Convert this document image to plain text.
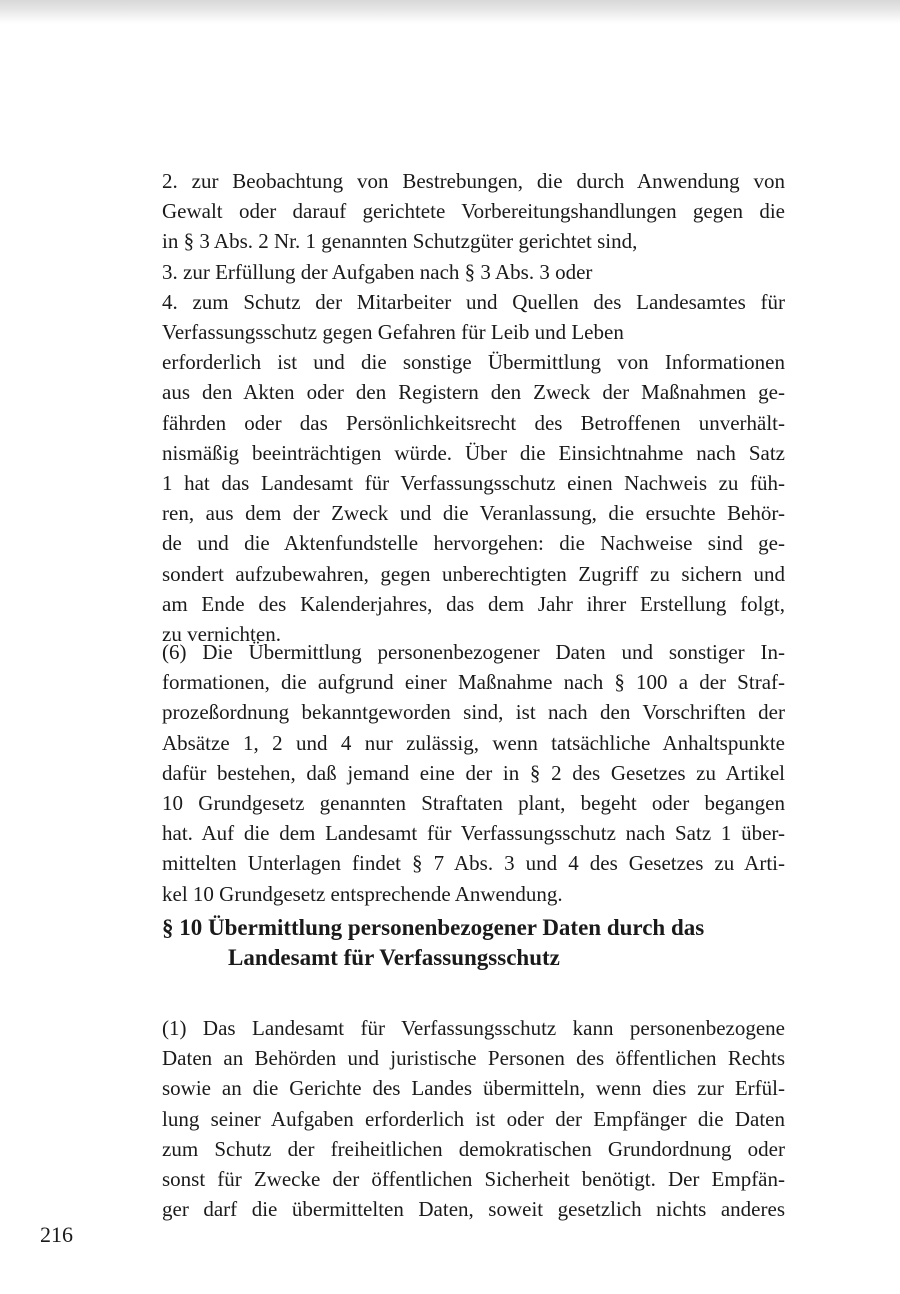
2. zur Beobachtung von Bestrebungen, die durch Anwendung von
Gewalt oder darauf gerichtete Vorbereitungshandlungen gegen die
in § 3 Abs. 2 Nr. 1 genannten Schutzgüter gerichtet sind,
3. zur Erfüllung der Aufgaben nach § 3 Abs. 3 oder
4. zum Schutz der Mitarbeiter und Quellen des Landesamtes für
Verfassungsschutz gegen Gefahren für Leib und Leben
erforderlich ist und die sonstige Übermittlung von Informationen
aus den Akten oder den Registern den Zweck der Maßnahmen ge-
fährden oder das Persönlichkeitsrecht des Betroffenen unverhält-
nismäßig beeinträchtigen würde. Über die Einsichtnahme nach Satz
1 hat das Landesamt für Verfassungsschutz einen Nachweis zu füh-
ren, aus dem der Zweck und die Veranlassung, die ersuchte Behör-
de und die Aktenfundstelle hervorgehen: die Nachweise sind ge-
sondert aufzubewahren, gegen unberechtigten Zugriff zu sichern und
am Ende des Kalenderjahres, das dem Jahr ihrer Erstellung folgt,
zu vernichten.

(6) Die Übermittlung personenbezogener Daten und sonstiger In-
formationen, die aufgrund einer Maßnahme nach § 100 a der Straf-
prozeßordnung bekanntgeworden sind, ist nach den Vorschriften der
Absätze 1, 2 und 4 nur zulässig, wenn tatsächliche Anhaltspunkte
dafür bestehen, daß jemand eine der in § 2 des Gesetzes zu Artikel
10 Grundgesetz genannten Straftaten plant, begeht oder begangen
hat. Auf die dem Landesamt für Verfassungsschutz nach Satz 1 über-
mittelten Unterlagen findet § 7 Abs. 3 und 4 des Gesetzes zu Arti-
kel 10 Grundgesetz entsprechende Anwendung.

§ 10 Übermittlung personenbezogener Daten durch das
Landesamt für Verfassungsschutz

(1) Das Landesamt für Verfassungsschutz kann personenbezogene
Daten an Behörden und juristische Personen des öffentlichen Rechts
sowie an die Gerichte des Landes übermitteln, wenn dies zur Erfül-
lung seiner Aufgaben erforderlich ist oder der Empfänger die Daten
zum Schutz der freiheitlichen demokratischen Grundordnung oder
sonst für Zwecke der öffentlichen Sicherheit benötigt. Der Empfän-
ger darf die übermittelten Daten, soweit gesetzlich nichts anderes

216
